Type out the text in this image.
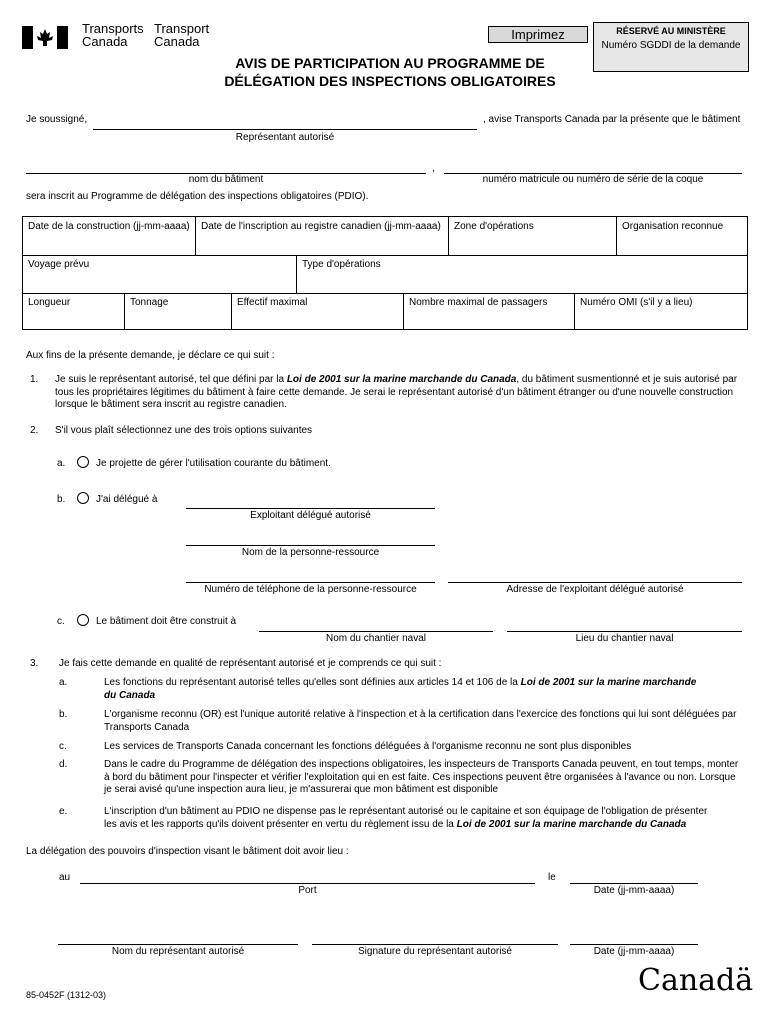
Transports
Canada
Transport
Canada	Imprimez	RÉSERVÉ AU MINISTÈRE
Numéro SGDDI de la demande
AVIS DE PARTICIPATION AU PROGRAMME DE
DÉLÉGATION DES INSPECTIONS OBLIGATOIRES
Je soussigné,	, avise Transports Canada par la présente que le bâtiment
Représentant autorisé
,
nom du bâtiment	numéro matricule ou numéro de série de la coque
sera inscrit au Programme de délégation des inspections obligatoires (PDIO).
Date de la construction (jj-mm-aaaa)	Date de l'inscription au registre canadien (jj-mm-aaaa)	Zone d'opérations	Organisation reconnue
Voyage prévu	Type d'opérations
Longueur	Tonnage	Effectif maximal	Nombre maximal de passagers	Numéro OMI (s'il y a lieu)
Aux fins de la présente demande, je déclare ce qui suit :
1. Je suis le représentant autorisé, tel que défini par la Loi de 2001 sur la marine marchande du Canada, du bâtiment susmentionné et je suis autorisé par
tous les propriétaires légitimes du bâtiment à faire cette demande. Je serai le représentant autorisé d'un bâtiment étranger ou d'une nouvelle construction
lorsque le bâtiment sera inscrit au registre canadien.
2. S'il vous plaît sélectionnez une des trois options suivantes
a.	Je projette de gérer l'utilisation courante du bâtiment.
b.	J'ai délégué à
Exploitant délégué autorisé
Nom de la personne-ressource
Numéro de téléphone de la personne-ressource	Adresse de l'exploitant délégué autorisé
c.	Le bâtiment doit être construit à
Nom du chantier naval	Lieu du chantier naval
3. Je fais cette demande en qualité de représentant autorisé et je comprends ce qui suit :
a.	Les fonctions du représentant autorisé telles qu'elles sont définies aux articles 14 et 106 de la Loi de 2001 sur la marine marchande
du Canada
b.	L'organisme reconnu (OR) est l'unique autorité relative à l'inspection et à la certification dans l'exercice des fonctions qui lui sont déléguées par
Transports Canada
c.	Les services de Transports Canada concernant les fonctions déléguées à l'organisme reconnu ne sont plus disponibles
d.	Dans le cadre du Programme de délégation des inspections obligatoires, les inspecteurs de Transports Canada peuvent, en tout temps, monter
à bord du bâtiment pour l'inspecter et vérifier l'exploitation qui en est faite. Ces inspections peuvent être organisées à l'avance ou non. Lorsque
je serai avisé qu'une inspection aura lieu, je m'assurerai que mon bâtiment est disponible
e.	L'inscription d'un bâtiment au PDIO ne dispense pas le représentant autorisé ou le capitaine et son équipage de l'obligation de présenter
les avis et les rapports qu'ils doivent présenter en vertu du règlement issu de la Loi de 2001 sur la marine marchande du Canada
La délégation des pouvoirs d'inspection visant le bâtiment doit avoir lieu :
au
Port
le
Date (jj-mm-aaaa)
Nom du représentant autorisé	Signature du représentant autorisé	Date (jj-mm-aaaa)
85-0452F (1312-03)	Canadä
